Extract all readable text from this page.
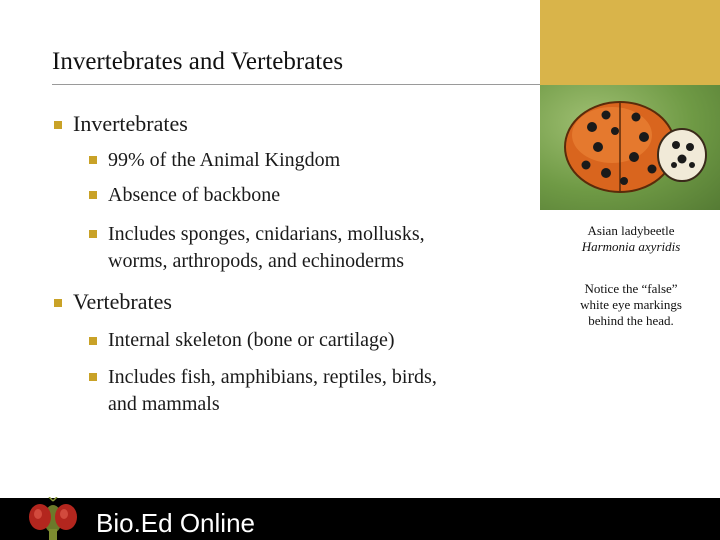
Invertebrates and Vertebrates
Invertebrates
99% of the Animal Kingdom
Absence of backbone
Includes sponges, cnidarians, mollusks,
worms, arthropods, and echinoderms
Vertebrates
Internal skeleton (bone or cartilage)
Includes fish, amphibians, reptiles, birds,
and mammals
Asian ladybeetle
Harmonia axyridis
Notice the “false”
white eye markings
behind the head.
Bio.Ed Online
